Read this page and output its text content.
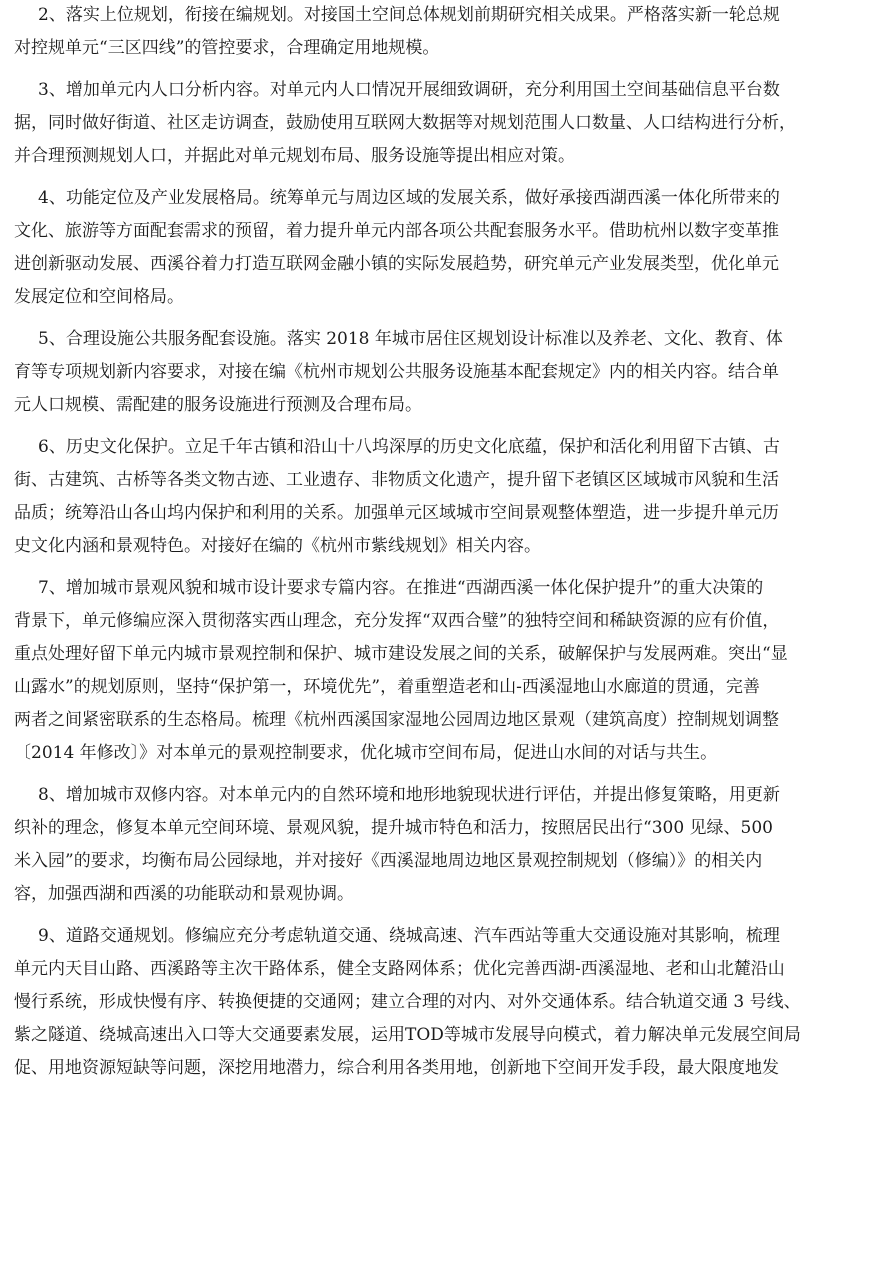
2、落实上位规划，衔接在编规划。对接国土空间总体规划前期研究相关成果。严格落实新一轮总规
对控规单元“三区四线”的管控要求，合理确定用地规模。
3、增加单元内人口分析内容。对单元内人口情况开展细致调研，充分利用国土空间基础信息平台数
据，同时做好街道、社区走访调查，鼓励使用互联网大数据等对规划范围人口数量、人口结构进行分析，
并合理预测规划人口，并据此对单元规划布局、服务设施等提出相应对策。
4、功能定位及产业发展格局。统筹单元与周边区域的发展关系，做好承接西湖西溪一体化所带来的
文化、旅游等方面配套需求的预留，着力提升单元内部各项公共配套服务水平。借助杭州以数字变革推
进创新驱动发展、西溪谷着力打造互联网金融小镇的实际发展趋势，研究单元产业发展类型，优化单元
发展定位和空间格局。
5、合理设施公共服务配套设施。落实 2018 年城市居住区规划设计标准以及养老、文化、教育、体
育等专项规划新内容要求，对接在编《杭州市规划公共服务设施基本配套规定》内的相关内容。结合单
元人口规模、需配建的服务设施进行预测及合理布局。
6、历史文化保护。立足千年古镇和沿山十八坞深厚的历史文化底蕴，保护和活化利用留下古镇、古
街、古建筑、古桥等各类文物古迹、工业遗存、非物质文化遗产，提升留下老镇区区域城市风貌和生活
品质；统筹沿山各山坞内保护和利用的关系。加强单元区域城市空间景观整体塑造，进一步提升单元历
史文化内涵和景观特色。对接好在编的《杭州市紫线规划》相关内容。
7、增加城市景观风貌和城市设计要求专篇内容。在推进“西湖西溪一体化保护提升”的重大决策的
背景下，单元修编应深入贯彻落实西山理念，充分发挥“双西合璧”的独特空间和稀缺资源的应有价值，
重点处理好留下单元内城市景观控制和保护、城市建设发展之间的关系，破解保护与发展两难。突出“显
山露水”的规划原则，坚持“保护第一，环境优先”，着重塑造老和山-西溪湿地山水廊道的贯通，完善
两者之间紧密联系的生态格局。梳理《杭州西溪国家湿地公园周边地区景观（建筑高度）控制规划调整
〔2014 年修改〕》对本单元的景观控制要求，优化城市空间布局，促进山水间的对话与共生。
8、增加城市双修内容。对本单元内的自然环境和地形地貌现状进行评估，并提出修复策略，用更新
织补的理念，修复本单元空间环境、景观风貌，提升城市特色和活力，按照居民出行“300 见绿、500
米入园”的要求，均衡布局公园绿地，并对接好《西溪湿地周边地区景观控制规划（修编）》的相关内
容，加强西湖和西溪的功能联动和景观协调。
9、道路交通规划。修编应充分考虑轨道交通、绕城高速、汽车西站等重大交通设施对其影响，梳理
单元内天目山路、西溪路等主次干路体系，健全支路网体系；优化完善西湖-西溪湿地、老和山北麓沿山
慢行系统，形成快慢有序、转换便捷的交通网；建立合理的对内、对外交通体系。结合轨道交通 3 号线、
紫之隧道、绕城高速出入口等大交通要素发展，运用TOD等城市发展导向模式，着力解决单元发展空间局
促、用地资源短缺等问题，深挖用地潜力，综合利用各类用地，创新地下空间开发手段，最大限度地发
